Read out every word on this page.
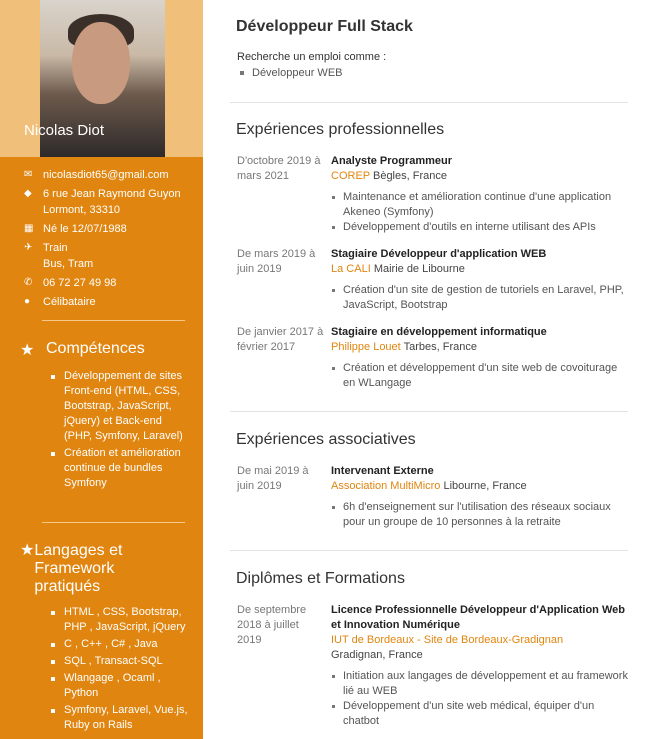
Nicolas Diot
✉ nicolasdiot65@gmail.com
◆	6 rue Jean Raymond Guyon Lormont, 33310
▦ Né le 12/07/1988
✈ Train
Bus, Tram
✆ 06 72 27 49 98
●	Célibataire
★ Compétences
Développement de sites Front-end (HTML, CSS, Bootstrap, JavaScript, jQuery) et Back-end (PHP, Symfony, Laravel)
Création et amélioration continue de bundles Symfony
★ Langages et Framework pratiqués
HTML , CSS, Bootstrap, PHP , JavaScript, jQuery
C , C++ , C# , Java
SQL , Transact-SQL
Wlangage , Ocaml , Python
Symfony, Laravel, Vue.js, Ruby on Rails
Développeur Full Stack
Recherche un emploi comme :
Développeur WEB
Expériences professionnelles
D'octobre 2019 à mars 2021
Analyste Programmeur
COREP Bègles, France
Maintenance et amélioration continue d'une application Akeneo (Symfony)
Développement d'outils en interne utilisant des APIs
De mars 2019 à juin 2019
Stagiaire Développeur d'application WEB
La CALI Mairie de Libourne
Création d'un site de gestion de tutoriels en Laravel, PHP, JavaScript, Bootstrap
De janvier 2017 à février 2017
Stagiaire en développement informatique
Philippe Louet Tarbes, France
Création et développement d'un site web de covoiturage en WLangage
Expériences associatives
De mai 2019 à juin 2019
Intervenant Externe
Association MultiMicro Libourne, France
6h d'enseignement sur l'utilisation des réseaux sociaux pour un groupe de 10 personnes à la retraite
Diplômes et Formations
De septembre 2018 à juillet 2019
Licence Professionnelle Développeur d'Application Web et Innovation Numérique
IUT de Bordeaux - Site de Bordeaux-Gradignan
Gradignan, France
Initiation aux langages de développement et au framework lié au WEB
Développement d'un site web médical, équiper d'un chatbot
